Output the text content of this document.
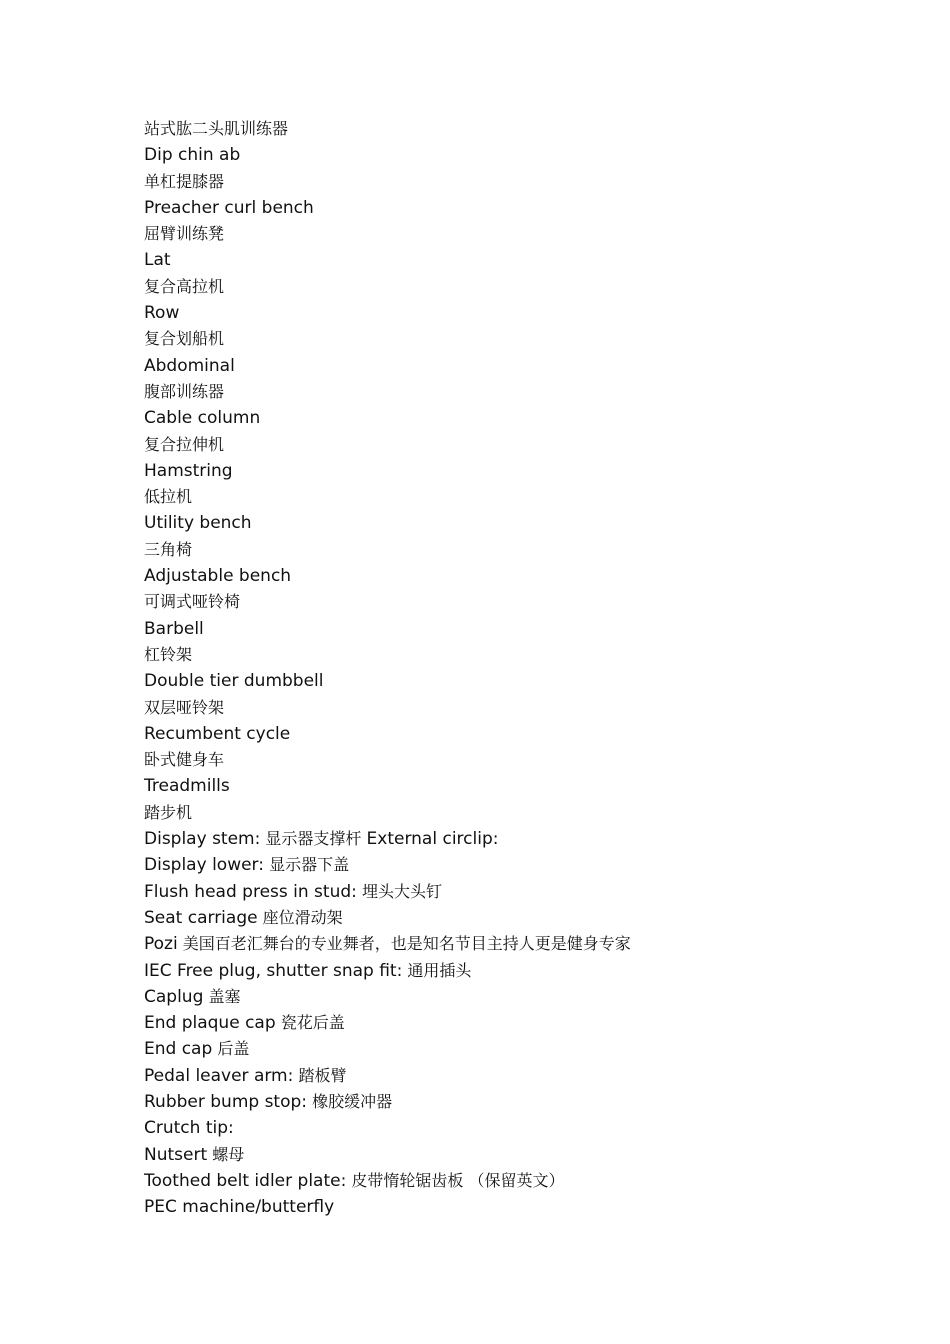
站式肱二头肌训练器
Dip chin ab
单杠提膝器
Preacher curl bench
屈臂训练凳
Lat
复合高拉机
Row
复合划船机
Abdominal
腹部训练器
Cable column
复合拉伸机
Hamstring
低拉机
Utility bench
三角椅
Adjustable bench
可调式哑铃椅
Barbell
杠铃架
Double tier dumbbell
双层哑铃架
Recumbent cycle
卧式健身车
Treadmills
踏步机
Display stem: 显示器支撑杆 External circlip:
Display lower: 显示器下盖
Flush head press in stud: 埋头大头钉
Seat carriage 座位滑动架
Pozi 美国百老汇舞台的专业舞者，也是知名节目主持人更是健身专家
IEC Free plug, shutter snap fit: 通用插头
Caplug 盖塞
End plaque cap 瓷花后盖
End cap 后盖
Pedal leaver arm: 踏板臂
Rubber bump stop: 橡胶缓冲器
Crutch tip:
Nutsert 螺母
Toothed belt idler plate: 皮带惰轮锯齿板 （保留英文）
PEC machine/butterfly
